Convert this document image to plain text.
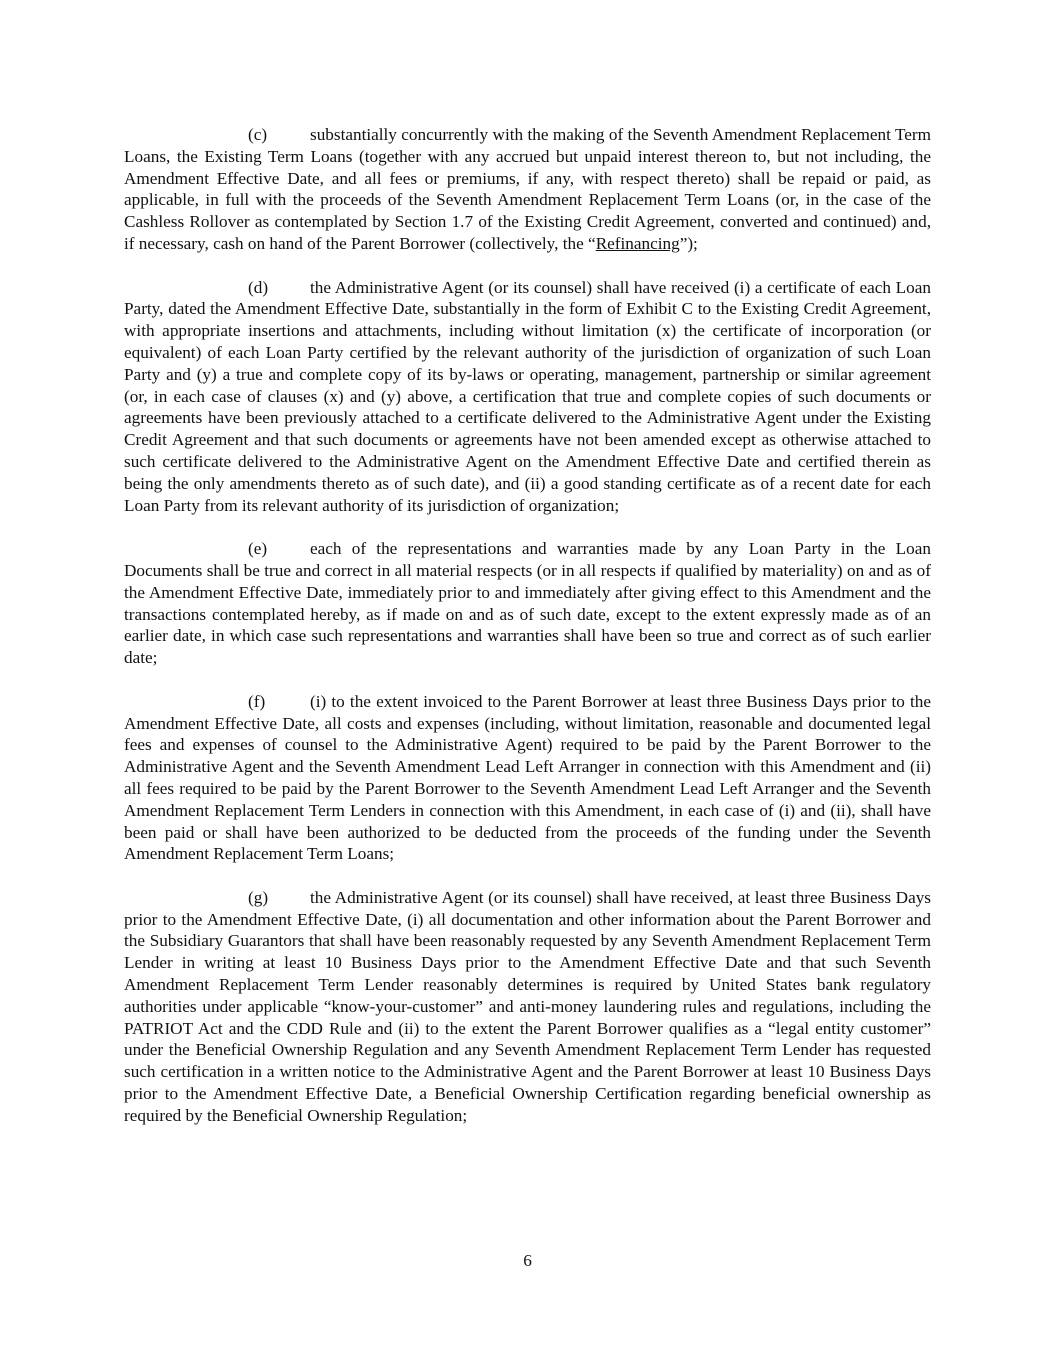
(c) substantially concurrently with the making of the Seventh Amendment Replacement Term Loans, the Existing Term Loans (together with any accrued but unpaid interest thereon to, but not including, the Amendment Effective Date, and all fees or premiums, if any, with respect thereto) shall be repaid or paid, as applicable, in full with the proceeds of the Seventh Amendment Replacement Term Loans (or, in the case of the Cashless Rollover as contemplated by Section 1.7 of the Existing Credit Agreement, converted and continued) and, if necessary, cash on hand of the Parent Borrower (collectively, the “Refinancing”);

(d) the Administrative Agent (or its counsel) shall have received (i) a certificate of each Loan Party, dated the Amendment Effective Date, substantially in the form of Exhibit C to the Existing Credit Agreement, with appropriate insertions and attachments, including without limitation (x) the certificate of incorporation (or equivalent) of each Loan Party certified by the relevant authority of the jurisdiction of organization of such Loan Party and (y) a true and complete copy of its by-laws or operating, management, partnership or similar agreement (or, in each case of clauses (x) and (y) above, a certification that true and complete copies of such documents or agreements have been previously attached to a certificate delivered to the Administrative Agent under the Existing Credit Agreement and that such documents or agreements have not been amended except as otherwise attached to such certificate delivered to the Administrative Agent on the Amendment Effective Date and certified therein as being the only amendments thereto as of such date), and (ii) a good standing certificate as of a recent date for each Loan Party from its relevant authority of its jurisdiction of organization;

(e) each of the representations and warranties made by any Loan Party in the Loan Documents shall be true and correct in all material respects (or in all respects if qualified by materiality) on and as of the Amendment Effective Date, immediately prior to and immediately after giving effect to this Amendment and the transactions contemplated hereby, as if made on and as of such date, except to the extent expressly made as of an earlier date, in which case such representations and warranties shall have been so true and correct as of such earlier date;

(f)	(i) to the extent invoiced to the Parent Borrower at least three Business Days prior to the Amendment Effective Date, all costs and expenses (including, without limitation, reasonable and documented legal fees and expenses of counsel to the Administrative Agent) required to be paid by the Parent Borrower to the Administrative Agent and the Seventh Amendment Lead Left Arranger in connection with this Amendment and (ii) all fees required to be paid by the Parent Borrower to the Seventh Amendment Lead Left Arranger and the Seventh Amendment Replacement Term Lenders in connection with this Amendment, in each case of (i) and (ii), shall have been paid or shall have been authorized to be deducted from the proceeds of the funding under the Seventh Amendment Replacement Term Loans;

(g) the Administrative Agent (or its counsel) shall have received, at least three Business Days prior to the Amendment Effective Date, (i) all documentation and other information about the Parent Borrower and the Subsidiary Guarantors that shall have been reasonably requested by any Seventh Amendment Replacement Term Lender in writing at least 10 Business Days prior to the Amendment Effective Date and that such Seventh Amendment Replacement Term Lender reasonably determines is required by United States bank regulatory authorities under applicable “know-your-customer” and anti-money laundering rules and regulations, including the PATRIOT Act and the CDD Rule and (ii) to the extent the Parent Borrower qualifies as a “legal entity customer” under the Beneficial Ownership Regulation and any Seventh Amendment Replacement Term Lender has requested such certification in a written notice to the Administrative Agent and the Parent Borrower at least 10 Business Days prior to the Amendment Effective Date, a Beneficial Ownership Certification regarding beneficial ownership as required by the Beneficial Ownership Regulation;

6
